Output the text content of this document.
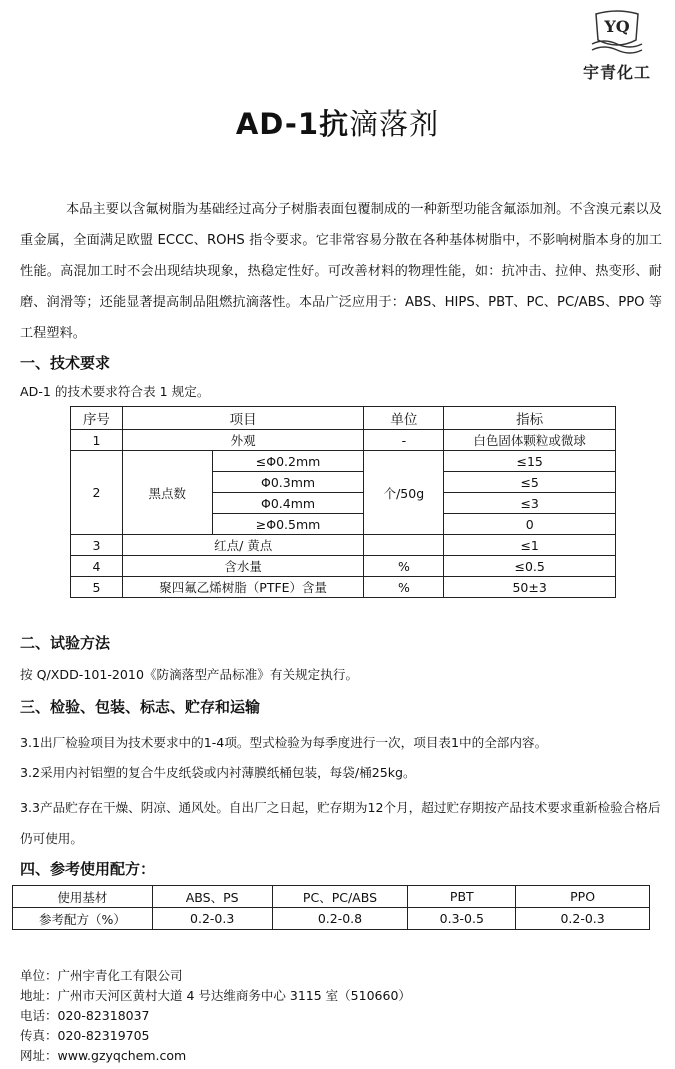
YQ
宇青化工
AD-1抗滴落剂
本品主要以含氟树脂为基础经过高分子树脂表面包覆制成的一种新型功能含氟添加剂。不含溴元素以及重金属，全面满足欧盟 ECCC、ROHS 指令要求。它非常容易分散在各种基体树脂中，不影响树脂本身的加工性能。高混加工时不会出现结块现象，热稳定性好。可改善材料的物理性能，如：抗冲击、拉伸、热变形、耐磨、润滑等；还能显著提高制品阻燃抗滴落性。本品广泛应用于：ABS、HIPS、PBT、PC、PC/ABS、PPO 等工程塑料。
一、技术要求
AD-1 的技术要求符合表 1 规定。
序号	项目		单位	指标
1	外观		-	白色固体颗粒或微球
2	黑点数	≤Φ0.2mm	个/50g	≤15
		Φ0.3mm		≤5
		Φ0.4mm		≤3
		≥Φ0.5mm		0
3	红点/ 黄点			≤1
4	含水量		%	≤0.5
5	聚四氟乙烯树脂（PTFE）含量		%	50±3
二、试验方法
按 Q/XDD-101-2010《防滴落型产品标准》有关规定执行。
三、检验、包装、标志、贮存和运输
3.1出厂检验项目为技术要求中的1-4项。型式检验为每季度进行一次，项目表1中的全部内容。
3.2采用内衬铝塑的复合牛皮纸袋或内衬薄膜纸桶包装，每袋/桶25kg。
3.3产品贮存在干燥、阴凉、通风处。自出厂之日起，贮存期为12个月，超过贮存期按产品技术要求重新检验合格后仍可使用。
四、参考使用配方：
使用基材	ABS、PS	PC、PC/ABS	PBT	PPO
参考配方（%）	0.2-0.3	0.2-0.8	0.3-0.5	0.2-0.3
单位：广州宇青化工有限公司
地址：广州市天河区黄村大道 4 号达维商务中心 3115 室（510660）
电话：020-82318037
传真：020-82319705
网址：www.gzyqchem.com
